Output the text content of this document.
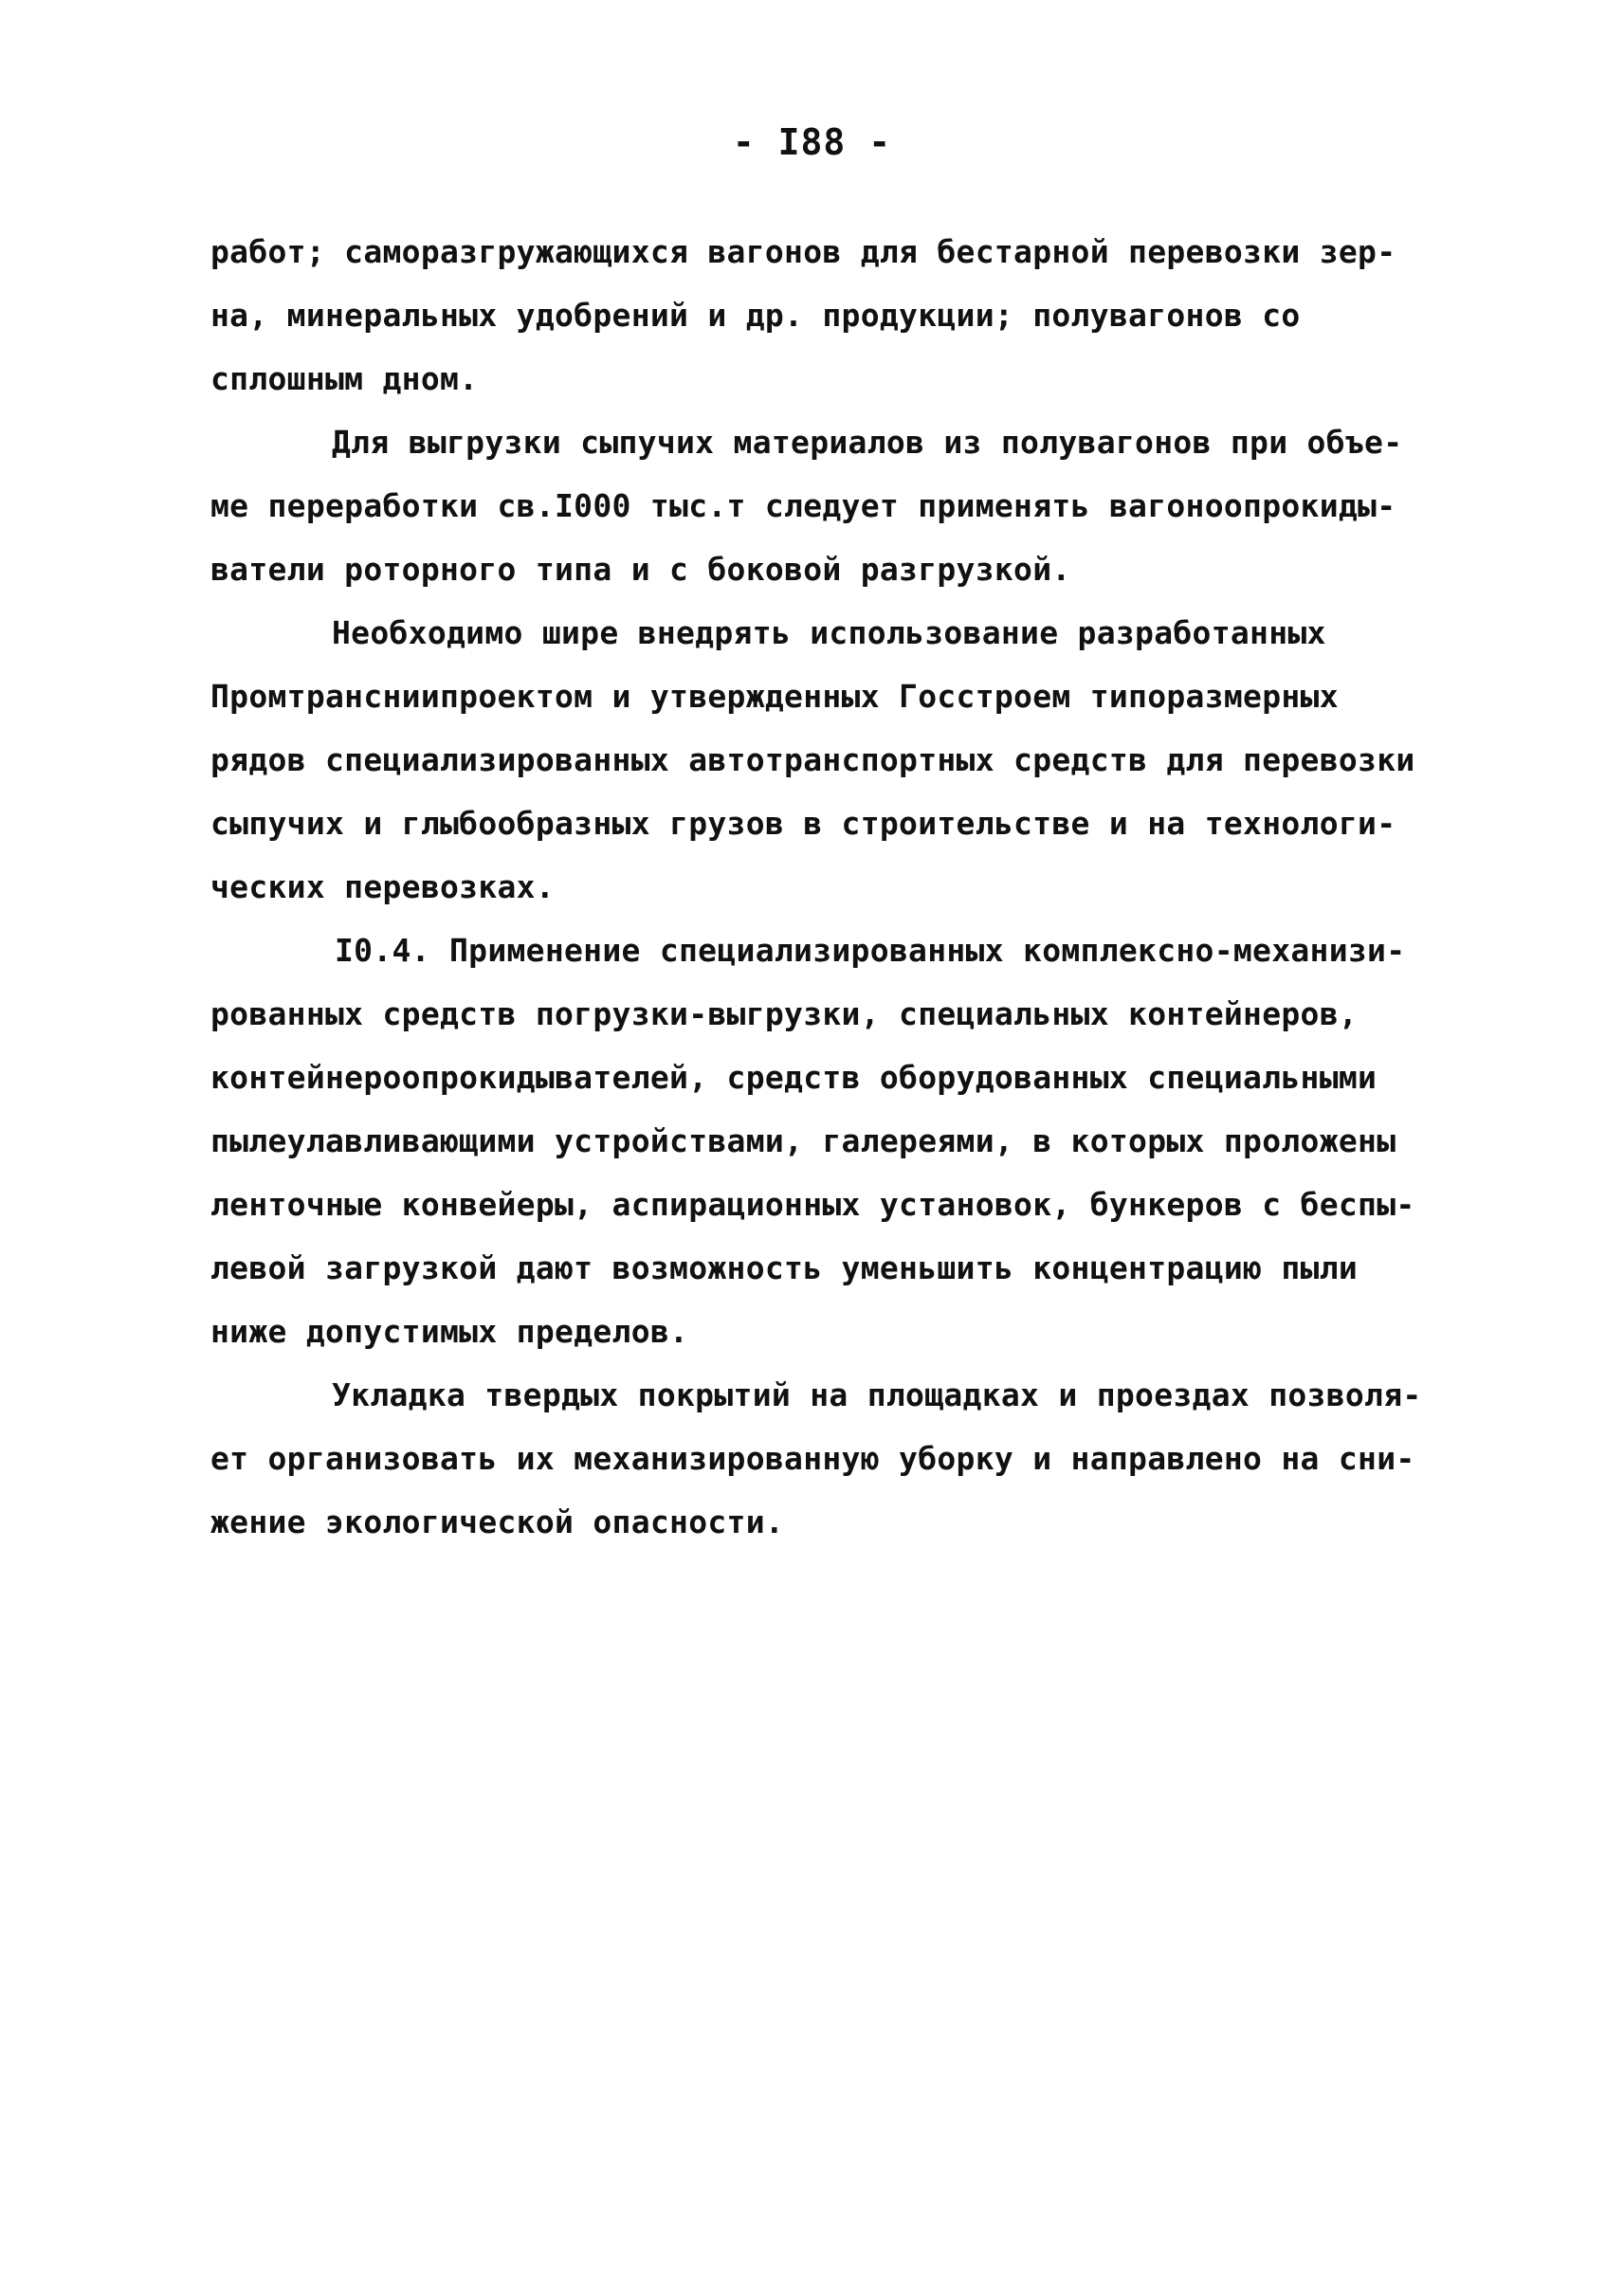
- I88 -
работ; саморазгружающихся вагонов для бестарной перевозки зер-
на, минеральных удобрений и др. продукции; полувагонов со
сплошным дном.
Для выгрузки сыпучих материалов из полувагонов при объе-
ме переработки св.I000 тыс.т следует применять вагоноопрокиды-
ватели роторного типа и с боковой разгрузкой.
Необходимо шире внедрять использование разработанных
Промтрансниипроектом и утвержденных Госстроем типоразмерных
рядов специализированных автотранспортных средств для перевозки
сыпучих и глыбообразных грузов в строительстве и на технологи-
ческих перевозках.
I0.4. Применение специализированных комплексно-механизи-
рованных средств погрузки-выгрузки, специальных контейнеров,
контейнероопрокидывателей, средств оборудованных специальными
пылеулавливающими устройствами, галереями, в которых проложены
ленточные конвейеры, аспирационных установок, бункеров с беспы-
левой загрузкой дают возможность уменьшить концентрацию пыли
ниже допустимых пределов.
Укладка твердых покрытий на площадках и проездах позволя-
ет организовать их механизированную уборку и направлено на сни-
жение экологической опасности.
